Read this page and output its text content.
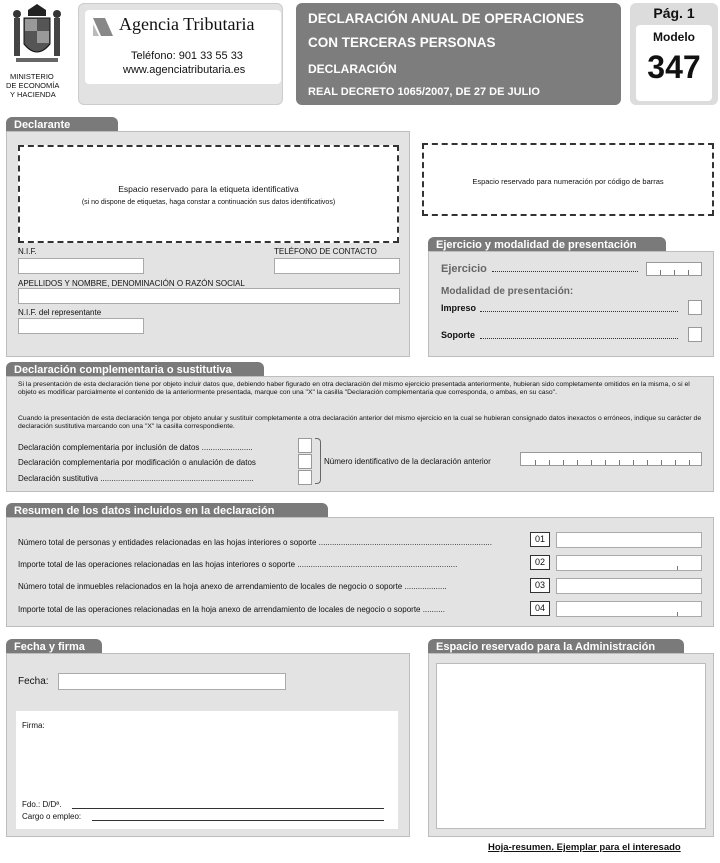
MINISTERIO
DE ECONOMÍA
Y HACIENDA
Agencia Tributaria
Teléfono: 901 33 55 33
www.agenciatributaria.es
DECLARACIÓN ANUAL DE OPERACIONES
CON TERCERAS PERSONAS
DECLARACIÓN
REAL DECRETO 1065/2007, DE 27 DE JULIO
Pág. 1
Modelo
347
Declarante
Espacio reservado para la etiqueta identificativa
(si no dispone de etiquetas, haga constar a continuación sus datos identificativos)
N.I.F.	TELÉFONO DE CONTACTO
APELLIDOS Y NOMBRE, DENOMINACIÓN O RAZÓN SOCIAL
N.I.F. del representante
Espacio reservado para numeración por código de barras
Ejercicio y modalidad de presentación
Ejercicio
Modalidad de presentación:
Impreso
Soporte
Declaración complementaria o sustitutiva
Si la presentación de esta declaración tiene por objeto incluir datos que, debiendo haber figurado en otra declaración del mismo ejercicio presentada anteriormente, hubieran sido completamente omitidos en la misma, o si el objeto es modificar parcialmente el contenido de la anteriormente presentada, marque con una "X" la casilla "Declaración complementaria que corresponda, o ambas, en su caso".
Cuando la presentación de esta declaración tenga por objeto anular y sustituir completamente a otra declaración anterior del mismo ejercicio en la cual se hubieran consignado datos inexactos o erróneos, indique su carácter de declaración sustitutiva marcando con una "X" la casilla correspondiente.
Declaración complementaria por inclusión de datos .......................
Declaración complementaria por modificación o anulación de datos
Declaración sustitutiva .....................................................................
Número identificativo de la declaración anterior
Resumen de los datos incluidos en la declaración
Número total de personas y entidades relacionadas en las hojas interiores o soporte ..............................................................................	01
Importe total de las operaciones relacionadas en las hojas interiores o soporte ........................................................................	02
Número total de inmuebles relacionados en la hoja anexo de arrendamiento de locales de negocio o soporte ...................	03
Importe total de las operaciones relacionadas en la hoja anexo de arrendamiento de locales de negocio o soporte ..........	04
Fecha y firma
Fecha:
Firma:
Fdo.: D/Dª.
Cargo o empleo:
Espacio reservado para la Administración
Hoja-resumen. Ejemplar para el interesado
